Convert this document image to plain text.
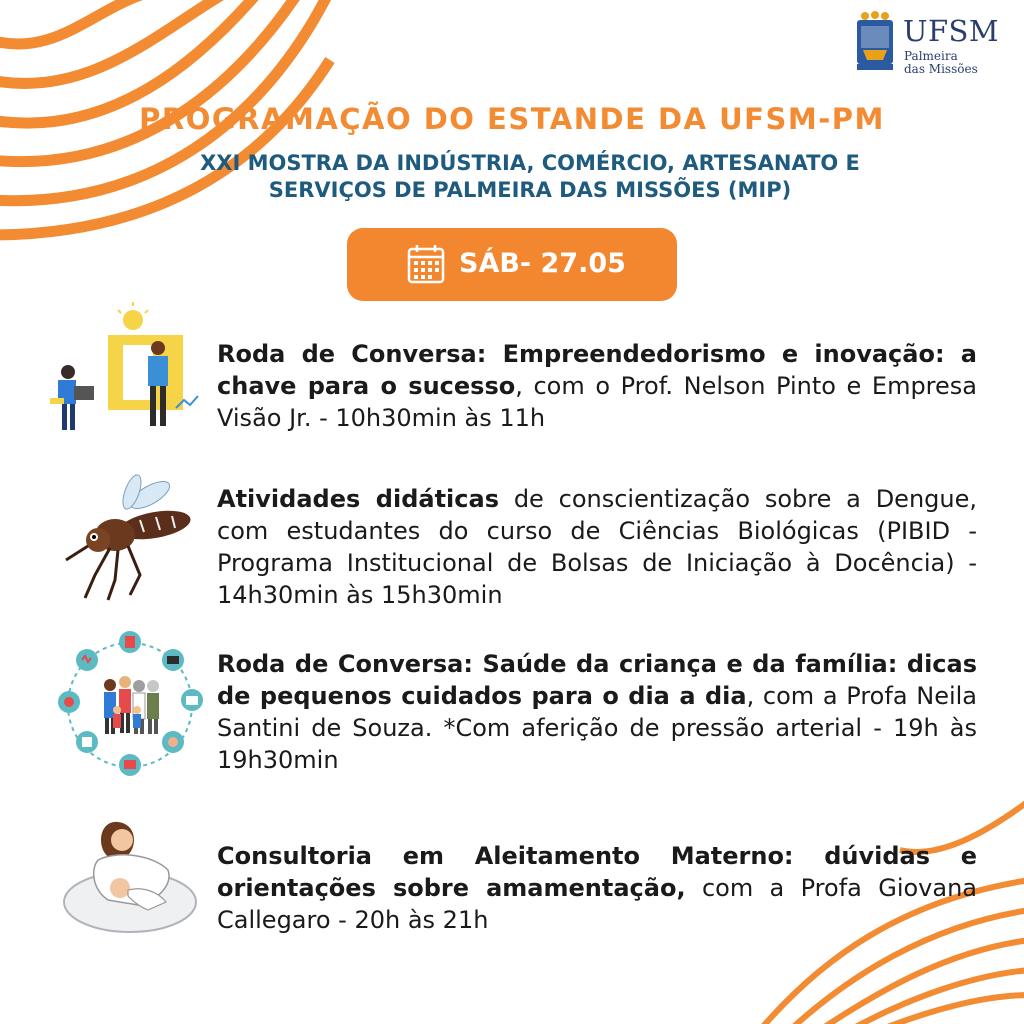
UFSM
Palmeira
das Missões
PROGRAMAÇÃO DO ESTANDE DA UFSM-PM
XXI MOSTRA DA INDÚSTRIA, COMÉRCIO, ARTESANATO E SERVIÇOS DE PALMEIRA DAS MISSÕES (MIP)
SÁB- 27.05
Roda de Conversa: Empreendedorismo e inovação: a chave para o sucesso, com o Prof. Nelson Pinto e Empresa Visão Jr. - 10h30min às 11h
Atividades didáticas de conscientização sobre a Dengue, com estudantes do curso de Ciências Biológicas (PIBID - Programa Institucional de Bolsas de Iniciação à Docência) - 14h30min às 15h30min
Roda de Conversa: Saúde da criança e da família: dicas de pequenos cuidados para o dia a dia, com a Profa Neila Santini de Souza. *Com aferição de pressão arterial - 19h às 19h30min
Consultoria em Aleitamento Materno: dúvidas e orientações sobre amamentação, com a Profa Giovana Callegaro - 20h às 21h
